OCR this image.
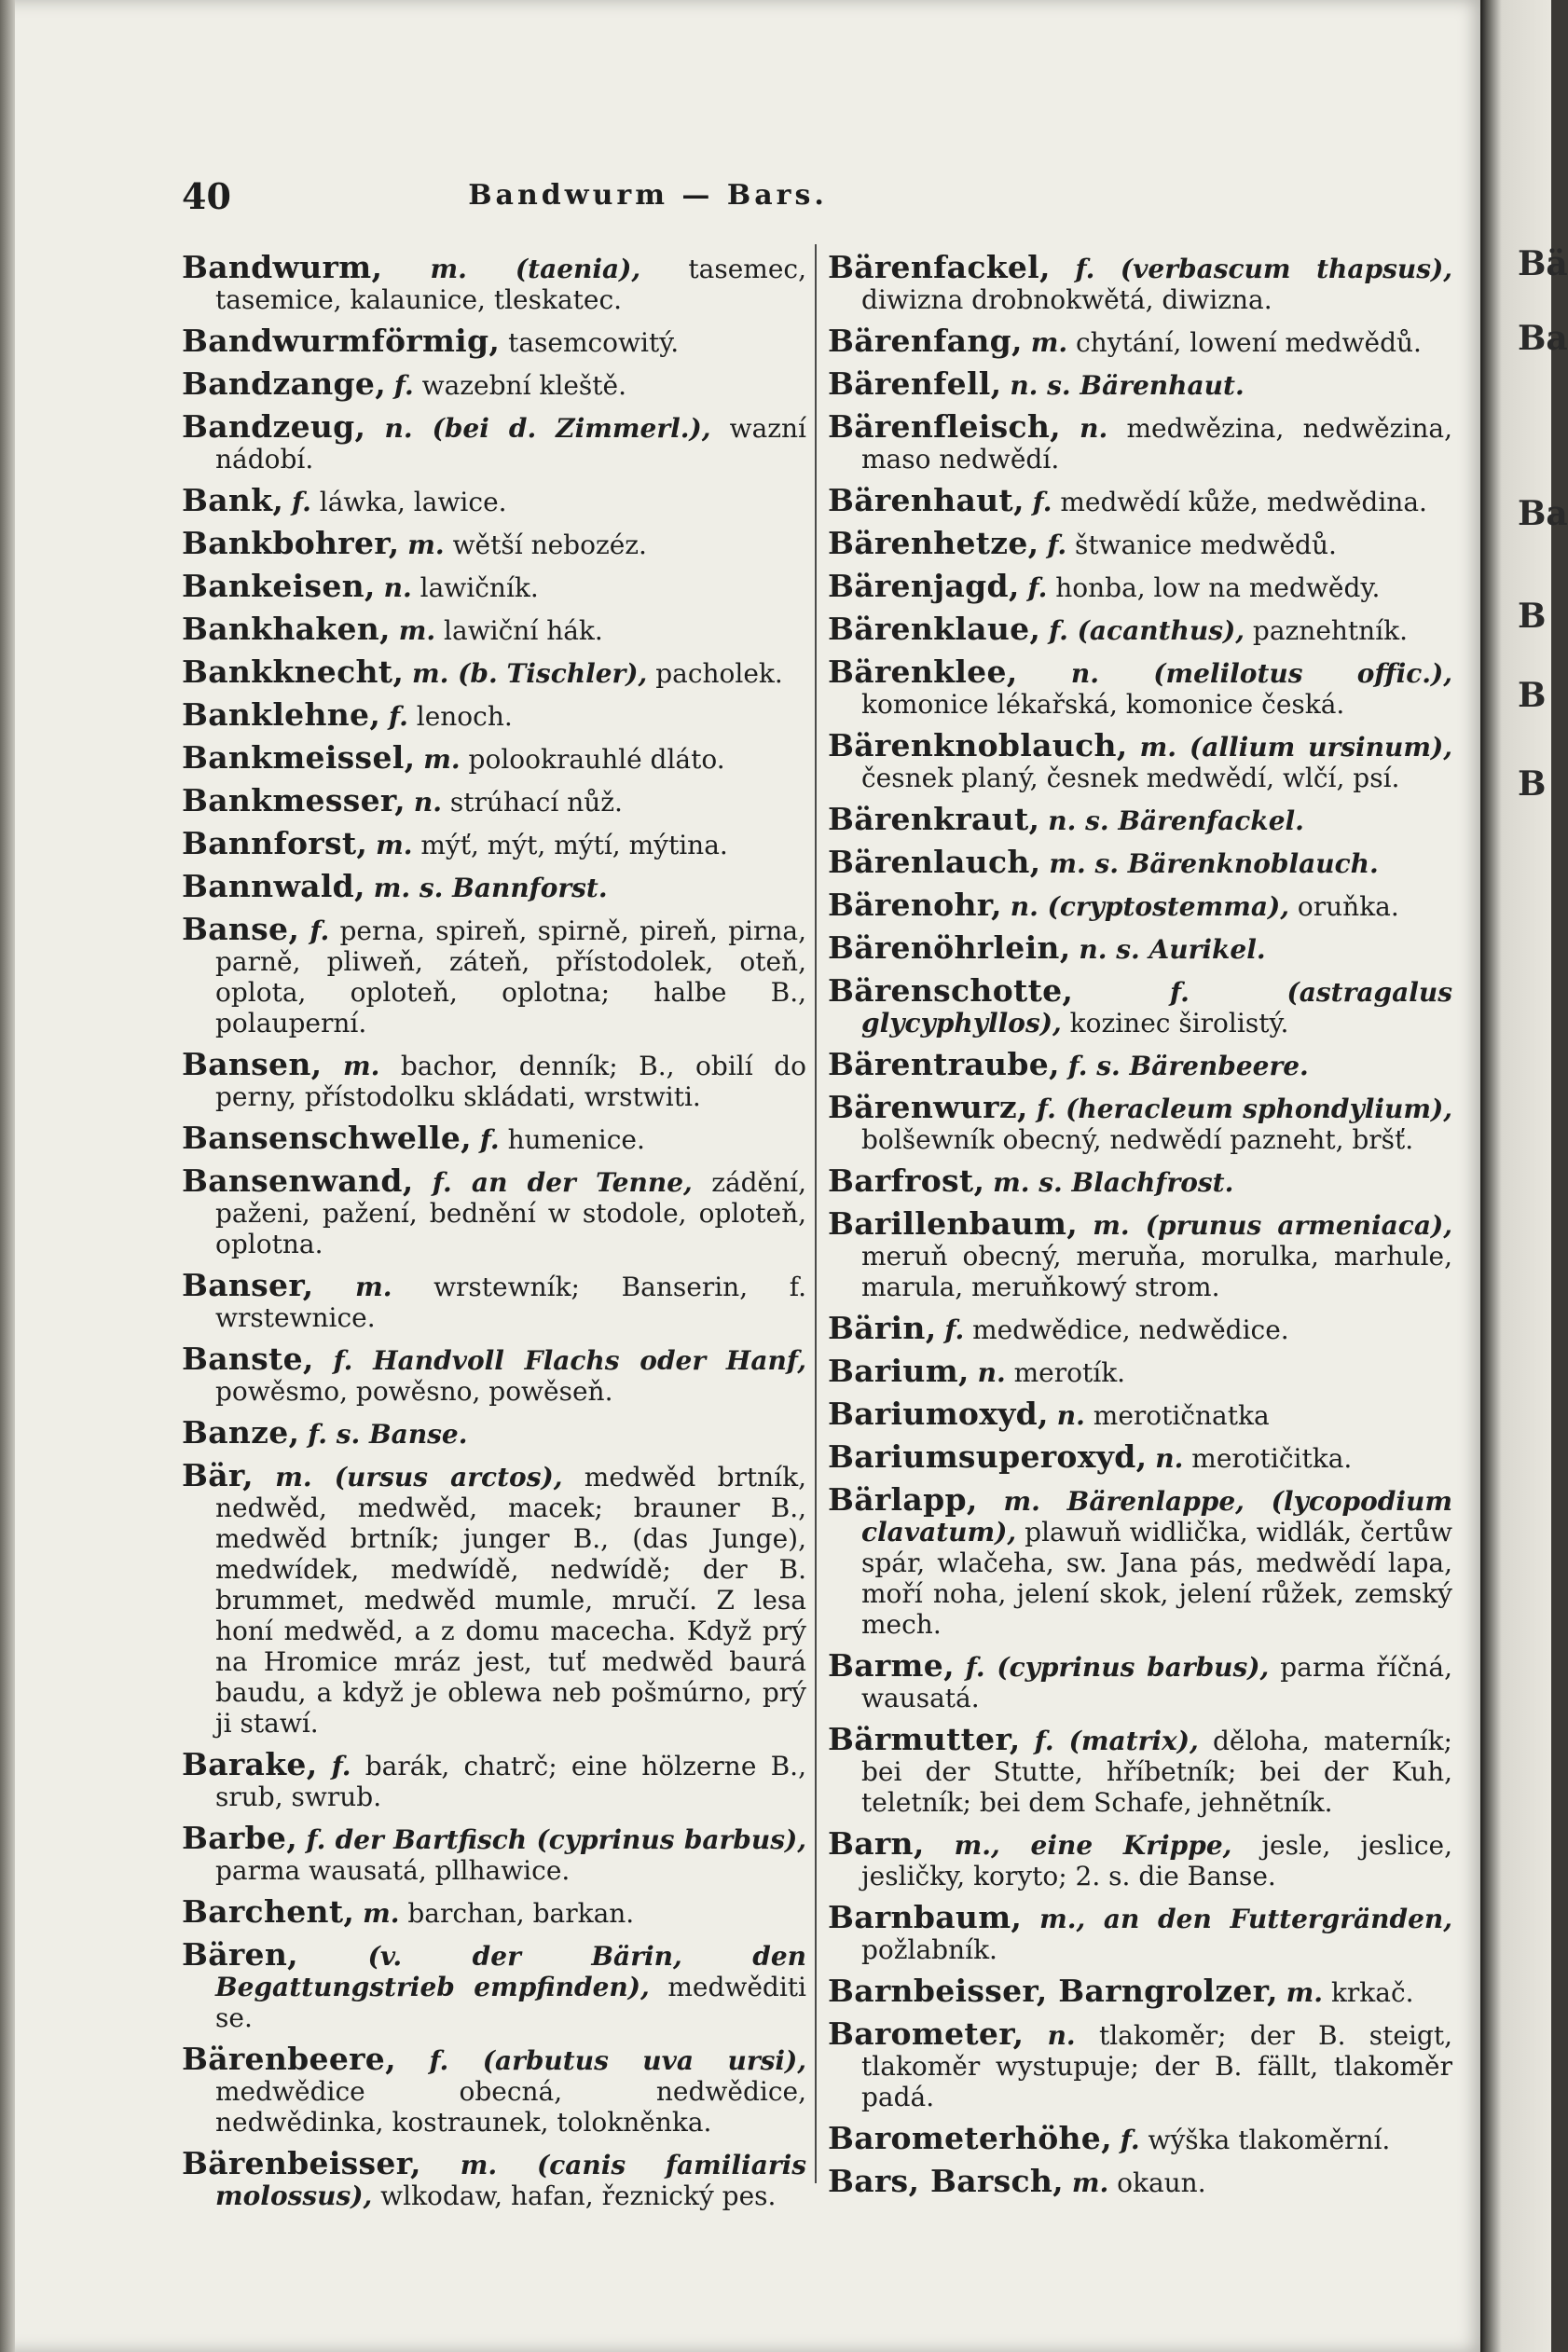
40	Bandwurm — Bars.

Bandwurm, m. (taenia), tasemec, tasemice, kalaunice, tleskatec.

Bandwurmförmig, tasemcowitý.

Bandzange, f. wazební kleště.

Bandzeug, n. (bei d. Zimmerl.), wazní nádobí.

Bank, f. láwka, lawice.

Bankbohrer, m. wětší nebozéz.

Bankeisen, n. lawičník.

Bankhaken, m. lawiční hák.

Bankknecht, m. (b. Tischler), pacholek.

Banklehne, f. lenoch.

Bankmeissel, m. polookrauhlé dláto.

Bankmesser, n. strúhací nůž.

Bannforst, m. mýť, mýt, mýtí, mýtina.

Bannwald, m. s. Bannforst.

Banse, f. perna, spireň, spirně, pireň, pirna, parně, pliweň, záteň, přístodolek, oteň, oplota, oploteň, oplotna; halbe B., polauperní.

Bansen, m. bachor, denník; B., obilí do perny, přístodolku skládati, wrstwiti.

Bansenschwelle, f. humenice.

Bansenwand, f. an der Tenne, zádění, paženi, pažení, bednění w stodole, oploteň, oplotna.

Banser, m. wrstewník; Banserin, f. wrstewnice.

Banste, f. Handvoll Flachs oder Hanf, powěsmo, powěsno, powěseň.

Banze, f. s. Banse.

Bär, m. (ursus arctos), medwěd brtník, nedwěd, medwěd, macek; brauner B., medwěd brtník; junger B., (das Junge), medwídek, medwídě, nedwídě; der B. brummet, medwěd mumle, mručí. Z lesa honí medwěd, a z domu macecha. Když prý na Hromice mráz jest, tuť medwěd baurá baudu, a když je oblewa neb pošmúrno, prý ji stawí.

Barake, f. barák, chatrč; eine hölzerne B., srub, swrub.

Barbe, f. der Bartfisch (cyprinus barbus), parma wausatá, pllhawice.

Barchent, m. barchan, barkan.

Bären,	(v. der Bärin, den Begattungstrieb empfinden), medwěditi se.

Bärenbeere, f. (arbutus uva ursi), medwědice obecná, nedwědice, nedwědinka, kostraunek, tolokněnka.

Bärenbeisser, m. (canis familiaris molossus), wlkodaw, hafan, řeznický pes.

Bärenfackel, f. (verbascum thapsus), diwizna drobnokwětá, diwizna.

Bärenfang, m. chytání, lowení medwědů.

Bärenfell, n. s. Bärenhaut.

Bärenfleisch, n. medwězina, nedwězina, maso nedwědí.

Bärenhaut, f. medwědí kůže, medwědina.

Bärenhetze, f. štwanice medwědů.

Bärenjagd, f. honba, low na medwědy.

Bärenklaue, f. (acanthus), paznehtník.

Bärenklee, n. (melilotus offic.), komonice lékařská, komonice česká.

Bärenknoblauch, m. (allium ursinum), česnek planý, česnek medwědí, wlčí, psí.

Bärenkraut, n. s. Bärenfackel.

Bärenlauch, m. s. Bärenknoblauch.

Bärenohr, n. (cryptostemma), oruňka.

Bärenöhrlein, n. s. Aurikel.

Bärenschotte,	f. (astragalus glycyphyllos), kozinec širolistý.

Bärentraube, f. s. Bärenbeere.

Bärenwurz, f. (heracleum sphondylium), bolšewník obecný, nedwědí pazneht, bršť.

Barfrost, m. s. Blachfrost.

Barillenbaum, m. (prunus armeniaca), meruň obecný, meruňa, morulka, marhule, marula, meruňkowý strom.

Bärin, f. medwědice, nedwědice.

Barium, n. merotík.

Bariumoxyd, n. merotičnatka

Bariumsuperoxyd, n. merotičitka.

Bärlapp, m. Bärenlappe, (lycopodium clavatum), plawuň widlička, widlák, čertůw spár, wlačeha, sw. Jana pás, medwědí lapa, moří noha, jelení skok, jelení růžek, zemský mech.

Barme, f. (cyprinus barbus), parma říčná, wausatá.

Bärmutter, f. (matrix), děloha, materník; bei der Stutte, hříbetník; bei der Kuh, teletník; bei dem Schafe, jehnětník.

Barn, m., eine Krippe, jesle, jeslice, jesličky, koryto; 2. s. die Banse.

Barnbaum, m., an den Futtergränden, požlabník.

Barnbeisser, Barngrolzer, m. krkač.

Barometer, n. tlakoměr; der B. steigt, tlakoměr wystupuje; der B. fällt, tlakoměr padá.

Barometerhöhe, f. wýška tlakoměrní.

Bars, Barsch, m. okaun.

Bä
Ba
Ba
B
B
B
